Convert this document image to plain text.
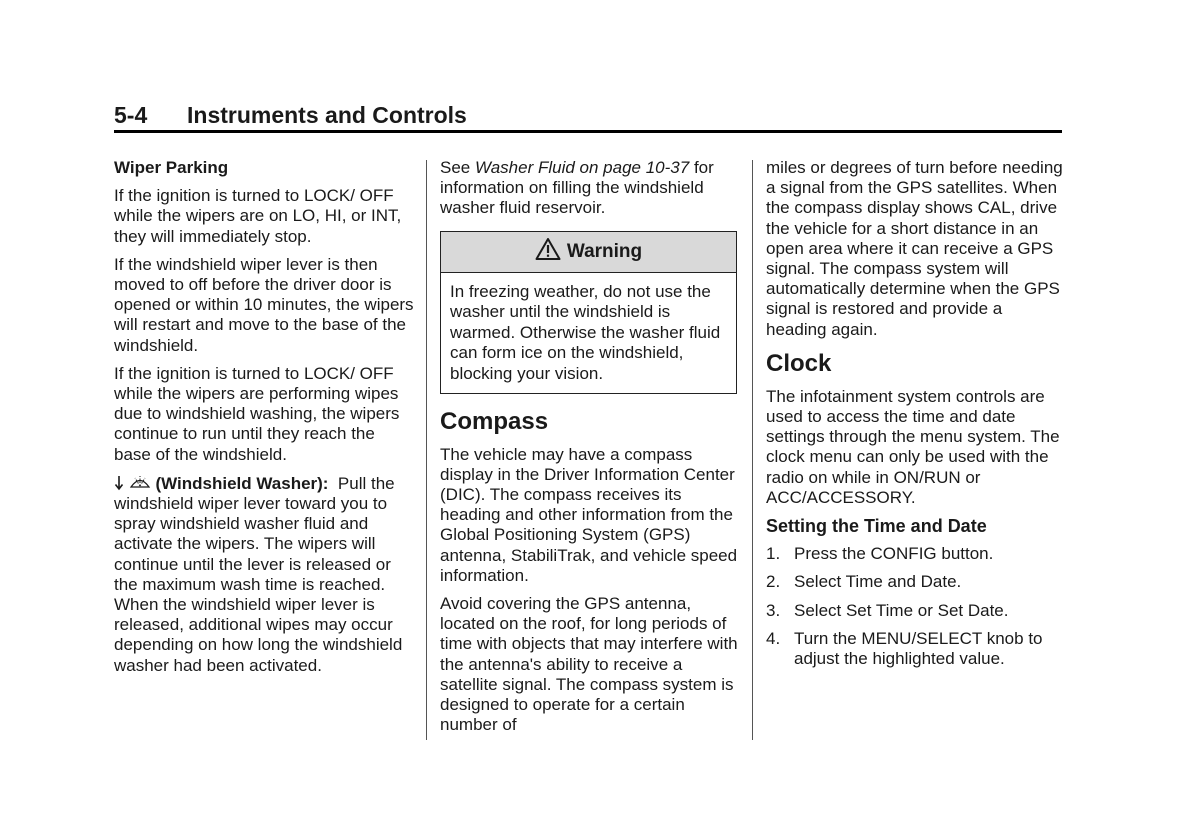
5-4 Instruments and Controls
Wiper Parking

If the ignition is turned to LOCK/ OFF while the wipers are on LO, HI, or INT, they will immediately stop.

If the windshield wiper lever is then moved to off before the driver door is opened or within 10 minutes, the wipers will restart and move to the base of the windshield.

If the ignition is turned to LOCK/ OFF while the wipers are performing wipes due to windshield washing, the wipers continue to run until they reach the base of the windshield.

(Windshield Washer): Pull the windshield wiper lever toward you to spray windshield washer fluid and activate the wipers. The wipers will continue until the lever is released or the maximum wash time is reached. When the windshield wiper lever is released, additional wipes may occur depending on how long the windshield washer had been activated.

See Washer Fluid on page 10-37 for information on filling the windshield washer fluid reservoir.

Warning
In freezing weather, do not use the washer until the windshield is warmed. Otherwise the washer fluid can form ice on the windshield, blocking your vision.
Compass

The vehicle may have a compass display in the Driver Information Center (DIC). The compass receives its heading and other information from the Global Positioning System (GPS) antenna, StabiliTrak, and vehicle speed information.

Avoid covering the GPS antenna, located on the roof, for long periods of time with objects that may interfere with the antenna's ability to receive a satellite signal. The compass system is designed to operate for a certain number of

miles or degrees of turn before needing a signal from the GPS satellites. When the compass display shows CAL, drive the vehicle for a short distance in an open area where it can receive a GPS signal. The compass system will automatically determine when the GPS signal is restored and provide a heading again.

Clock

The infotainment system controls are used to access the time and date settings through the menu system. The clock menu can only be used with the radio on while in ON/RUN or ACC/ACCESSORY.

Setting the Time and Date
1. Press the CONFIG button.
2. Select Time and Date.
3. Select Set Time or Set Date.
4. Turn the MENU/SELECT knob to adjust the highlighted value.
